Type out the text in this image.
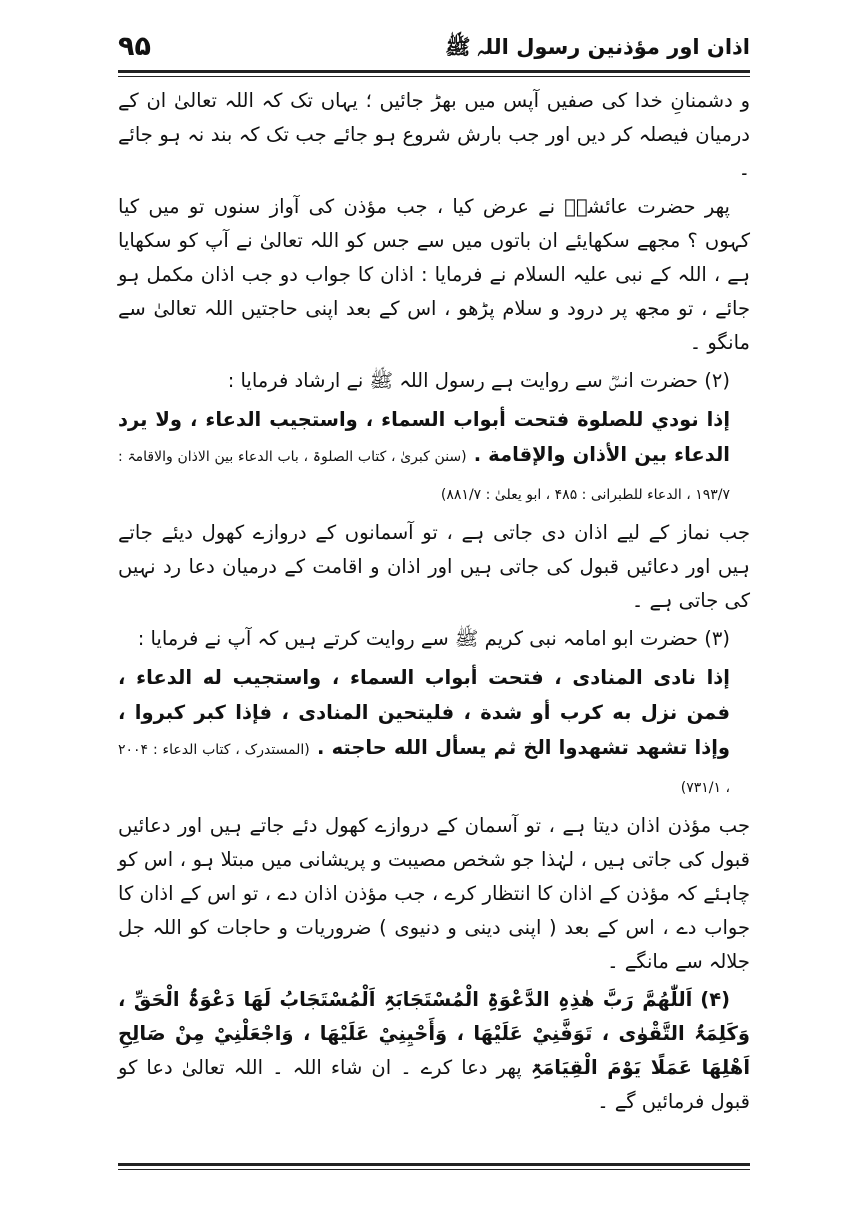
۹۵	اذان اور مؤذنین رسول اللہ ﷺ

و دشمنانِ خدا کی صفیں آپس میں بھڑ جائیں ؛ یہاں تک کہ اللہ تعالیٰ ان کے درمیان فیصلہ کر دیں اور جب بارش شروع ہو جائے جب تک کہ بند نہ ہو جائے ۔

پھر حضرت عائشہؓ نے عرض کیا ، جب مؤذن کی آواز سنوں تو میں کیا کہوں ؟ مجھے سکھایئے ان باتوں میں سے جس کو اللہ تعالیٰ نے آپ کو سکھایا ہے ، اللہ کے نبی علیہ السلام نے فرمایا : اذان کا جواب دو جب اذان مکمل ہو جائے ، تو مجھ پر درود و سلام پڑھو ، اس کے بعد اپنی حاجتیں اللہ تعالیٰ سے مانگو ۔

(۲) حضرت انسؓ سے روایت ہے رسول اللہ ﷺ نے ارشاد فرمایا :

إذا نودي للصلوة فتحت أبواب السماء ، واستجيب الدعاء ، ولا يرد الدعاء بين الأذان والإقامة . (سنن کبریٰ ، کتاب الصلوۃ ، باب الدعاء بین الاذان والاقامۃ : ۱۹۳/۷ ، الدعاء للطبرانی : ۴۸۵ ، ابو یعلیٰ : ۸۸۱/۷)

جب نماز کے لیے اذان دی جاتی ہے ، تو آسمانوں کے دروازے کھول دیئے جاتے ہیں اور دعائیں قبول کی جاتی ہیں اور اذان و اقامت کے درمیان دعا رد نہیں کی جاتی ہے ۔

(۳) حضرت ابو امامہ نبی کریم ﷺ سے روایت کرتے ہیں کہ آپ نے فرمایا :

إذا نادى المنادى ، فتحت أبواب السماء ، واستجيب له الدعاء ، فمن نزل به كرب أو شدة ، فليتحين المنادى ، فإذا كبر كبروا ، وإذا تشهد تشهدوا الخ ثم يسأل الله حاجته . (المستدرک ، کتاب الدعاء : ۲۰۰۴ ، ۷۳۱/۱)

جب مؤذن اذان دیتا ہے ، تو آسمان کے دروازے کھول دئے جاتے ہیں اور دعائیں قبول کی جاتی ہیں ، لہٰذا جو شخص مصیبت و پریشانی میں مبتلا ہو ، اس کو چاہئے کہ مؤذن کے اذان کا انتظار کرے ، جب مؤذن اذان دے ، تو اس کے اذان کا جواب دے ، اس کے بعد ( اپنی دینی و دنیوی ) ضروریات و حاجات کو اللہ جل جلالہ سے مانگے ۔

(۴) اَللّٰھُمَّ رَبَّ ھٰذِہِ الدَّعْوَۃِ الْمُسْتَجَابَۃِ اَلْمُسْتَجَابُ لَھَا دَعْوَۃُ الْحَقِّ ، وَكَلِمَۃُ التَّقْوٰى ، تَوَفَّنِيْ عَلَيْھَا ، وَأَحْيِنِيْ عَلَيْھَا ، وَاجْعَلْنِيْ مِنْ صَالِحِ اَھْلِھَا عَمَلًا يَوْمَ الْقِيَامَۃِ پھر دعا کرے ۔ ان شاء اللہ ۔ اللہ تعالیٰ دعا کو قبول فرمائیں گے ۔
